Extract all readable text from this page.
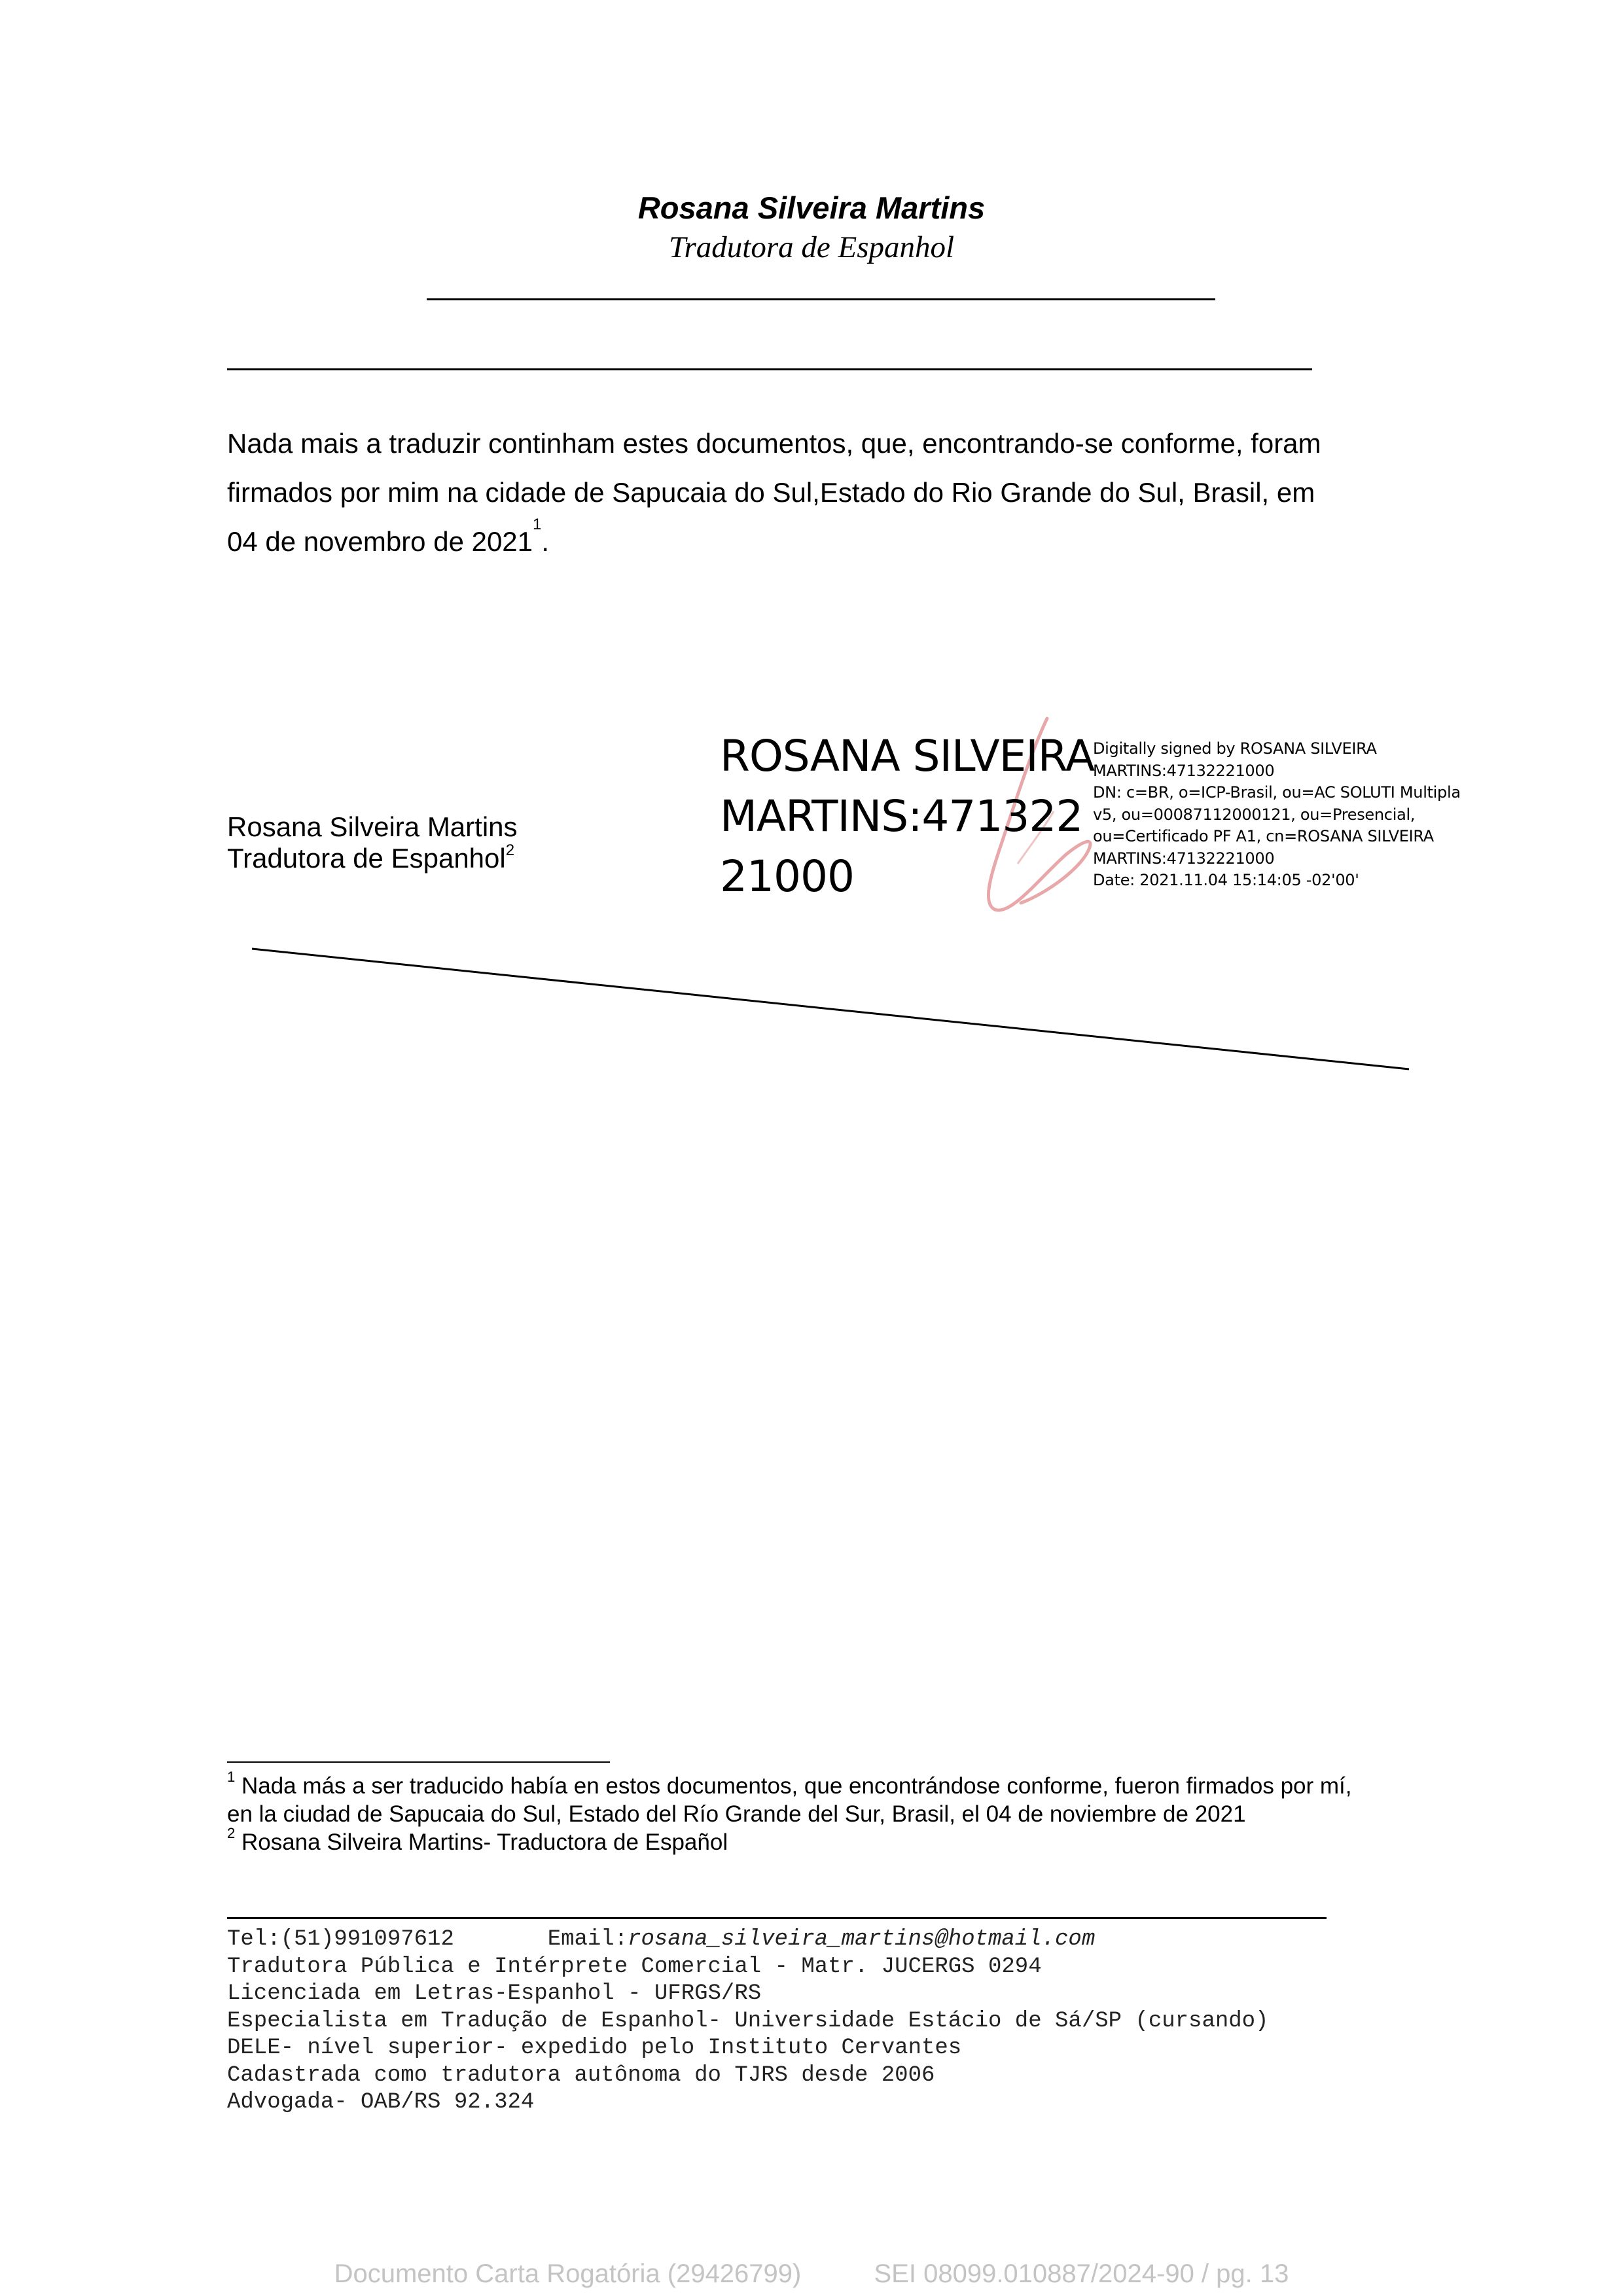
Rosana Silveira Martins
Tradutora de Espanhol

Nada mais a traduzir continham estes documentos, que, encontrando-se conforme, foram

firmados por mim na cidade de Sapucaia do Sul,Estado do Rio Grande do Sul, Brasil, em

04 de novembro de 2021$^1$.

Rosana Silveira Martins
Tradutora de Espanhol$^2$
ROSANA SILVEIRA
MARTINS:471322
21000
Digitally signed by ROSANA SILVEIRA
MARTINS:47132221000
DN: c=BR, o=ICP-Brasil, ou=AC SOLUTI Multipla
v5, ou=00087112000121, ou=Presencial,
ou=Certificado PF A1, cn=ROSANA SILVEIRA
MARTINS:47132221000
Date: 2021.11.04 15:14:05 -02'00'

$^1$ Nada más a ser traducido había en estos documentos, que encontrándose conforme, fueron firmados por mí,

en la ciudad de Sapucaia do Sul, Estado del Río Grande del Sur, Brasil, el 04 de noviembre de 2021

$^2$ Rosana Silveira Martins- Traductora de Español

Tel:(51)991097612	Email:rosana_silveira_martins@hotmail.com
Tradutora Pública e Intérprete Comercial - Matr. JUCERGS 0294
Licenciada em Letras-Espanhol - UFRGS/RS
Especialista em Tradução de Espanhol- Universidade Estácio de Sá/SP (cursando)
DELE- nível superior- expedido pelo Instituto Cervantes
Cadastrada como tradutora autônoma do TJRS desde 2006
Advogada- OAB/RS 92.324
Documento Carta Rogatória (29426799)	SEI 08099.010887/2024-90 / pg. 13
